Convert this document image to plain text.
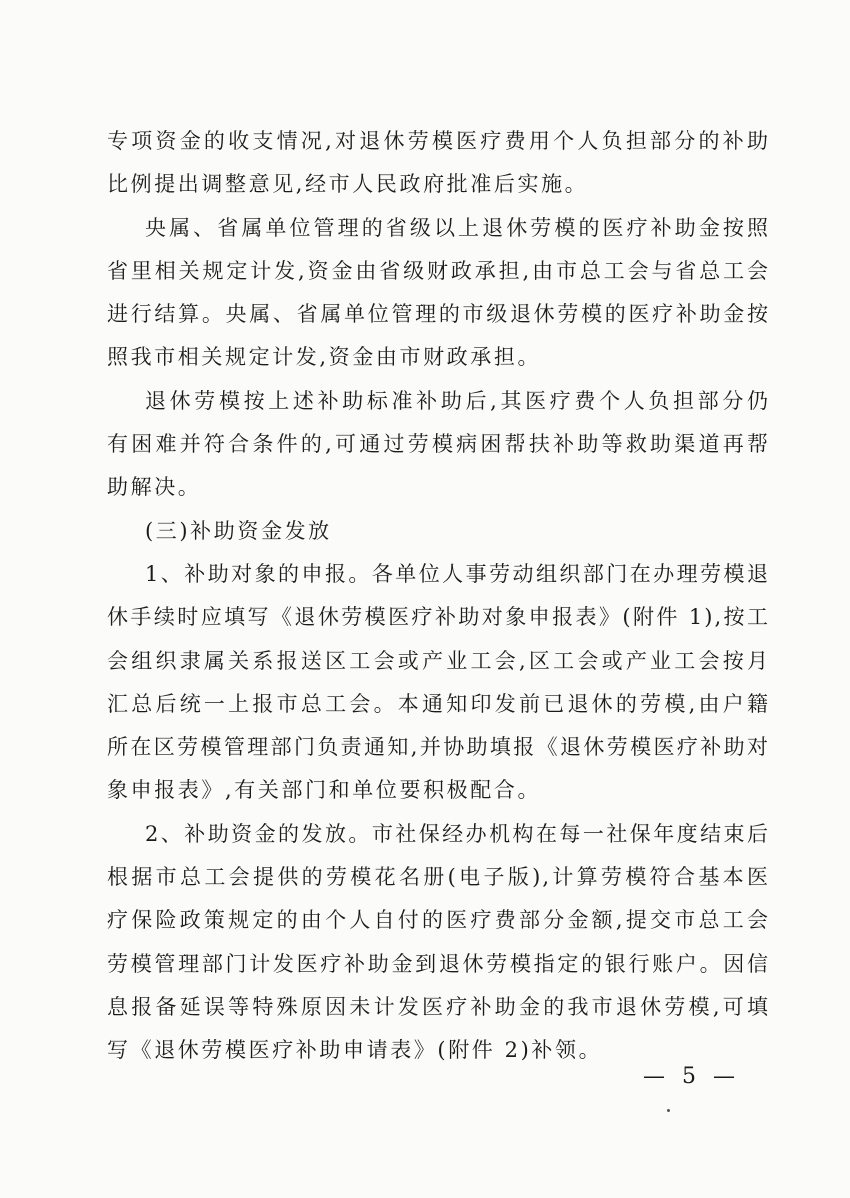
专项资金的收支情况,对退休劳模医疗费用个人负担部分的补助
比例提出调整意见,经市人民政府批准后实施。
央属、省属单位管理的省级以上退休劳模的医疗补助金按照
省里相关规定计发,资金由省级财政承担,由市总工会与省总工会
进行结算。央属、省属单位管理的市级退休劳模的医疗补助金按
照我市相关规定计发,资金由市财政承担。
退休劳模按上述补助标准补助后,其医疗费个人负担部分仍
有困难并符合条件的,可通过劳模病困帮扶补助等救助渠道再帮
助解决。
(三)补助资金发放
1、补助对象的申报。各单位人事劳动组织部门在办理劳模退
休手续时应填写《退休劳模医疗补助对象申报表》(附件 1),按工
会组织隶属关系报送区工会或产业工会,区工会或产业工会按月
汇总后统一上报市总工会。本通知印发前已退休的劳模,由户籍
所在区劳模管理部门负责通知,并协助填报《退休劳模医疗补助对
象申报表》,有关部门和单位要积极配合。
2、补助资金的发放。市社保经办机构在每一社保年度结束后
根据市总工会提供的劳模花名册(电子版),计算劳模符合基本医
疗保险政策规定的由个人自付的医疗费部分金额,提交市总工会
劳模管理部门计发医疗补助金到退休劳模指定的银行账户。因信
息报备延误等特殊原因未计发医疗补助金的我市退休劳模,可填
写《退休劳模医疗补助申请表》(附件 2)补领。
— 5 —
